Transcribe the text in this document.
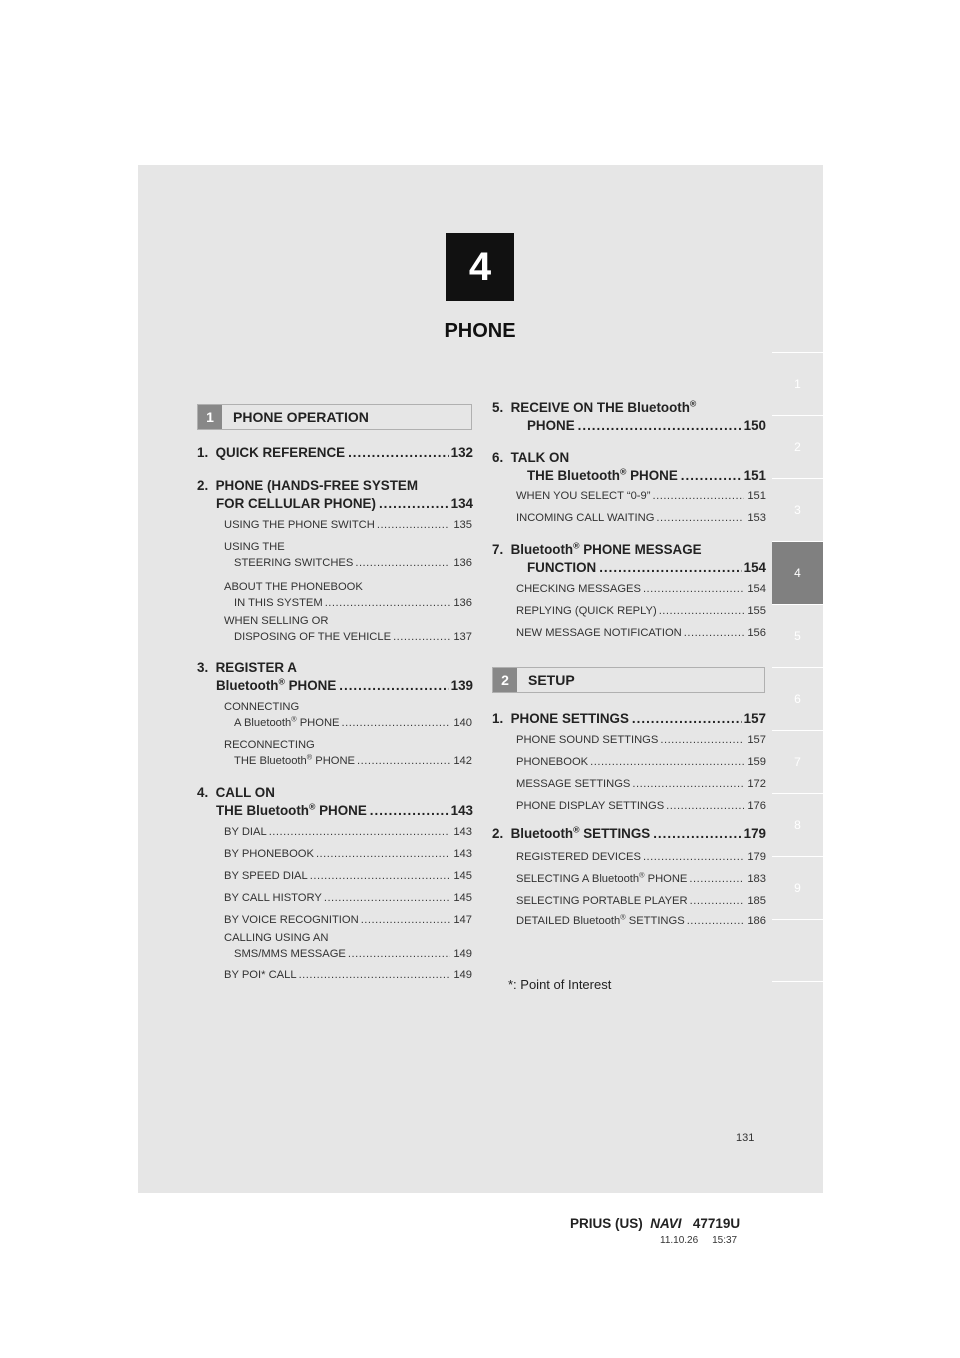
4
PHONE
1
2
3
4
5
6
7
8
9
1	PHONE OPERATION
1.  QUICK REFERENCE .....	132
2.  PHONE (HANDS-FREE SYSTEM
FOR CELLULAR PHONE) .....	134
USING THE PHONE SWITCH .....	135
USING THE
STEERING SWITCHES .....	136
ABOUT THE PHONEBOOK
IN THIS SYSTEM .....	136
WHEN SELLING OR
DISPOSING OF THE VEHICLE .....	137
3.  REGISTER A
Bluetooth® PHONE .....	139
CONNECTING
A Bluetooth® PHONE .....	140
RECONNECTING
THE Bluetooth® PHONE .....	142
4.  CALL ON
THE Bluetooth® PHONE .....	143
BY DIAL .....	143
BY PHONEBOOK .....	143
BY SPEED DIAL .....	145
BY CALL HISTORY .....	145
BY VOICE RECOGNITION .....	147
CALLING USING AN
SMS/MMS MESSAGE .....	149
BY POI* CALL .....	149
5.  RECEIVE ON THE Bluetooth®
PHONE .....	150
6.  TALK ON
THE Bluetooth® PHONE .....	151
WHEN YOU SELECT “0-9” .....	151
INCOMING CALL WAITING .....	153
7.  Bluetooth® PHONE MESSAGE
FUNCTION .....	154
CHECKING MESSAGES .....	154
REPLYING (QUICK REPLY) .....	155
NEW MESSAGE NOTIFICATION .....	156
2	SETUP
1.  PHONE SETTINGS .....	157
PHONE SOUND SETTINGS .....	157
PHONEBOOK .....	159
MESSAGE SETTINGS .....	172
PHONE DISPLAY SETTINGS .....	176
2.  Bluetooth® SETTINGS .....	179
REGISTERED DEVICES .....	179
SELECTING A Bluetooth® PHONE .....	183
SELECTING PORTABLE PLAYER .....	185
DETAILED Bluetooth® SETTINGS .....	186
*: Point of Interest
131
PRIUS (US) NAVI 47719U
11.10.26     15:37
